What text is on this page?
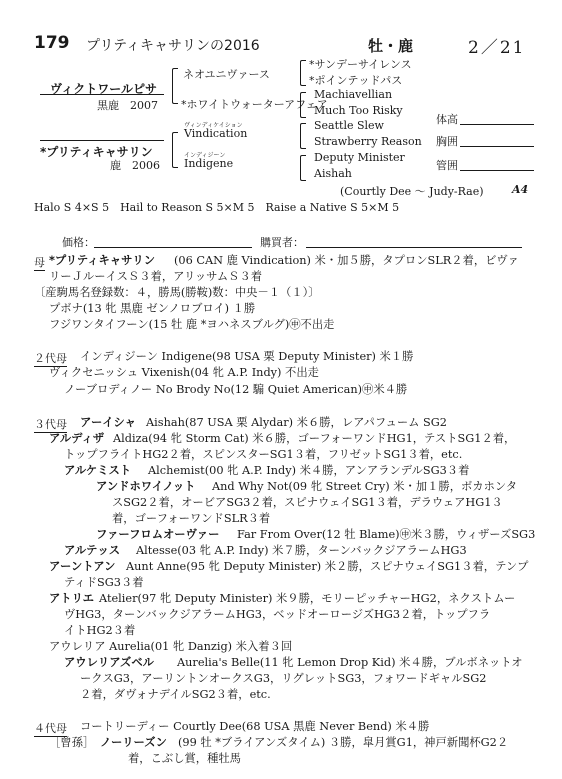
179 プリティキャサリンの2016	牡・鹿	2／21
ヴィクトワールピサ
黒鹿　2007
ネオユニヴァース
*ホワイトウォーターアフェア
*サンデーサイレンス
*ポインテッドパス
Machiavellian
Much Too Risky
*プリティキャサリン
鹿　2006
ヴィンディケイション
Vindication
インディジーン
Indigene
Seattle Slew
Strawberry Reason
Deputy Minister
Aishah
(Courtly Dee ～ Judy-Rae)	A4
体高
胸囲
管囲
Halo S 4×S 5　Hail to Reason S 5×M 5　Raise a Native S 5×M 5
価格：	購買者：
母 *プリティキャサリン (06 CAN 鹿 Vindication) 米・加５勝，タプロンSLR２着，ビヴァ
リーＪルーイスＳ３着，アリッサムＳ３着
〔産駒馬名登録数：４，勝馬(勝鞍)数：中央－１（１）〕
プボナ(13 牝 黒鹿 ゼンノロブロイ) １勝
フジワンタイフーン(15 牡 鹿 *ヨハネスブルグ)㊥不出走
２代母 インディジーン Indigene(98 USA 栗 Deputy Minister) 米１勝
ヴィクセニッシュ Vixenish(04 牝 A.P. Indy) 不出走
ノーブロディノー No Brody No(12 騸 Quiet American)㊥米４勝
３代母 アーイシャ Aishah(87 USA 栗 Alydar) 米６勝，レアパフューム SG2
アルディザ Aldiza(94 牝 Storm Cat) 米６勝，ゴーフォーワンドHG1，テストSG1２着，
トップフライトHG2２着，スピンスターSG1３着，フリゼットSG1３着，etc.
アルケミスト Alchemist(00 牝 A.P. Indy) 米４勝，アンアランデルSG3３着
アンドホワイノット And Why Not(09 牝 Street Cry) 米・加１勝，ボカホンタ
スSG2２着，オービアSG3２着，スピナウェイSG1３着，デラウェアHG1３
着，ゴーフォーワンドSLR３着
ファーフロムオーヴァー Far From Over(12 牡 Blame)㊥米３勝，ウィザーズSG3
アルテッス Altesse(03 牝 A.P. Indy) 米７勝，ターンバックジアラームHG3
アーントアン Aunt Anne(95 牝 Deputy Minister) 米２勝，スピナウェイSG1３着，テンプ
ティドSG3３着
アトリエ Atelier(97 牝 Deputy Minister) 米９勝，モリーピッチャーHG2，ネクストムー
ヴHG3，ターンバックジアラームHG3，ベッドオーロージズHG3２着，トップフラ
イトHG2３着
アウレリア Aurelia(01 牝 Danzig) 米入着３回
アウレリアズベル Aurelia's Belle(11 牝 Lemon Drop Kid) 米４勝，ブルボネットオ
ークスG3，アーリントンオークスG3，リグレットSG3，フォワードギャルSG2
２着，ダヴォナデイルSG2３着，etc.
４代母 コートリーディー Courtly Dee(68 USA 黒鹿 Never Bend) 米４勝
［曾孫］ ノーリーズン (99 牡 *ブライアンズタイム) ３勝，皐月賞G1，神戸新聞杯G2２
着，こぶし賞，種牡馬
